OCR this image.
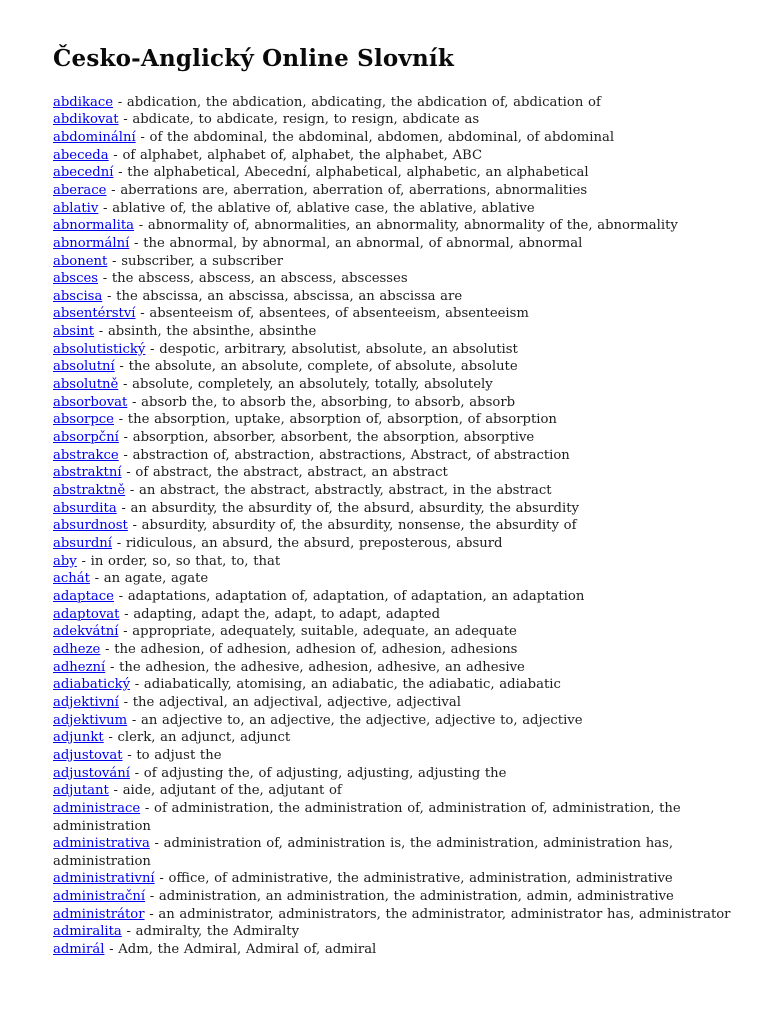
Česko-Anglický Online Slovník

abdikace - abdication, the abdication, abdicating, the abdication of, abdication of

abdikovat - abdicate, to abdicate, resign, to resign, abdicate as

abdominální - of the abdominal, the abdominal, abdomen, abdominal, of abdominal

abeceda - of alphabet, alphabet of, alphabet, the alphabet, ABC

abecední - the alphabetical, Abecední, alphabetical, alphabetic, an alphabetical

aberace - aberrations are, aberration, aberration of, aberrations, abnormalities

ablativ - ablative of, the ablative of, ablative case, the ablative, ablative

abnormalita - abnormality of, abnormalities, an abnormality, abnormality of the, abnormality

abnormální - the abnormal, by abnormal, an abnormal, of abnormal, abnormal

abonent - subscriber, a subscriber

absces - the abscess, abscess, an abscess, abscesses

abscisa - the abscissa, an abscissa, abscissa, an abscissa are

absentérství - absenteeism of, absentees, of absenteeism, absenteeism

absint - absinth, the absinthe, absinthe

absolutistický - despotic, arbitrary, absolutist, absolute, an absolutist

absolutní - the absolute, an absolute, complete, of absolute, absolute

absolutně - absolute, completely, an absolutely, totally, absolutely

absorbovat - absorb the, to absorb the, absorbing, to absorb, absorb

absorpce - the absorption, uptake, absorption of, absorption, of absorption

absorpční - absorption, absorber, absorbent, the absorption, absorptive

abstrakce - abstraction of, abstraction, abstractions, Abstract, of abstraction

abstraktní - of abstract, the abstract, abstract, an abstract

abstraktně - an abstract, the abstract, abstractly, abstract, in the abstract

absurdita - an absurdity, the absurdity of, the absurd, absurdity, the absurdity

absurdnost - absurdity, absurdity of, the absurdity, nonsense, the absurdity of

absurdní - ridiculous, an absurd, the absurd, preposterous, absurd

aby - in order, so, so that, to, that

achát - an agate, agate

adaptace - adaptations, adaptation of, adaptation, of adaptation, an adaptation

adaptovat - adapting, adapt the, adapt, to adapt, adapted

adekvátní - appropriate, adequately, suitable, adequate, an adequate

adheze - the adhesion, of adhesion, adhesion of, adhesion, adhesions

adhezní - the adhesion, the adhesive, adhesion, adhesive, an adhesive

adiabatický - adiabatically, atomising, an adiabatic, the adiabatic, adiabatic

adjektivní - the adjectival, an adjectival, adjective, adjectival

adjektivum - an adjective to, an adjective, the adjective, adjective to, adjective

adjunkt - clerk, an adjunct, adjunct

adjustovat - to adjust the

adjustování - of adjusting the, of adjusting, adjusting, adjusting the

adjutant - aide, adjutant of the, adjutant of

administrace - of administration, the administration of, administration of, administration, the administration

administrativa - administration of, administration is, the administration, administration has, administration

administrativní - office, of administrative, the administrative, administration, administrative

administrační - administration, an administration, the administration, admin, administrative

administrátor - an administrator, administrators, the administrator, administrator has, administrator

admiralita - admiralty, the Admiralty

admirál - Adm, the Admiral, Admiral of, admiral
